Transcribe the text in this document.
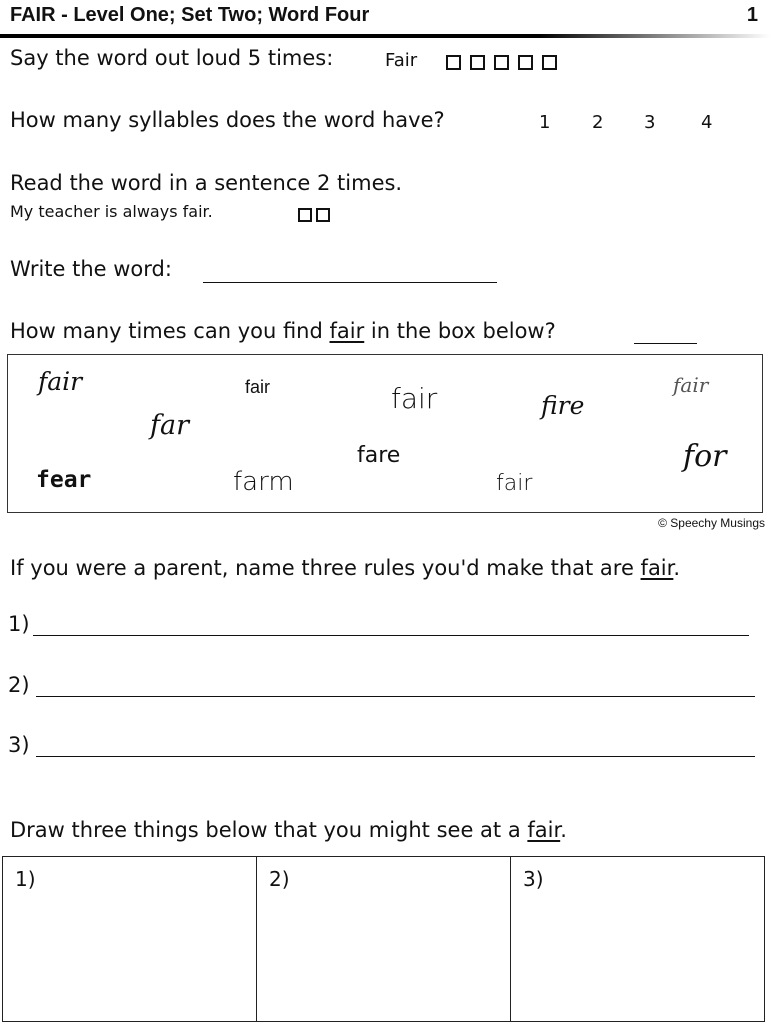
FAIR - Level One; Set Two; Word Four	1
Say the word out loud 5 times:	Fair
How many syllables does the word have?	1 2 3	4
Read the word in a sentence 2 times.
My teacher is always fair.
Write the word:
How many times can you find fair in the box below?
fair	fair	fair	fire
fair
far
fare	for
fear	farm	fair
© Speechy Musings
If you were a parent, name three rules you'd make that are fair.
1)
2)
3)
Draw three things below that you might see at a fair.
1)	2)	3)
